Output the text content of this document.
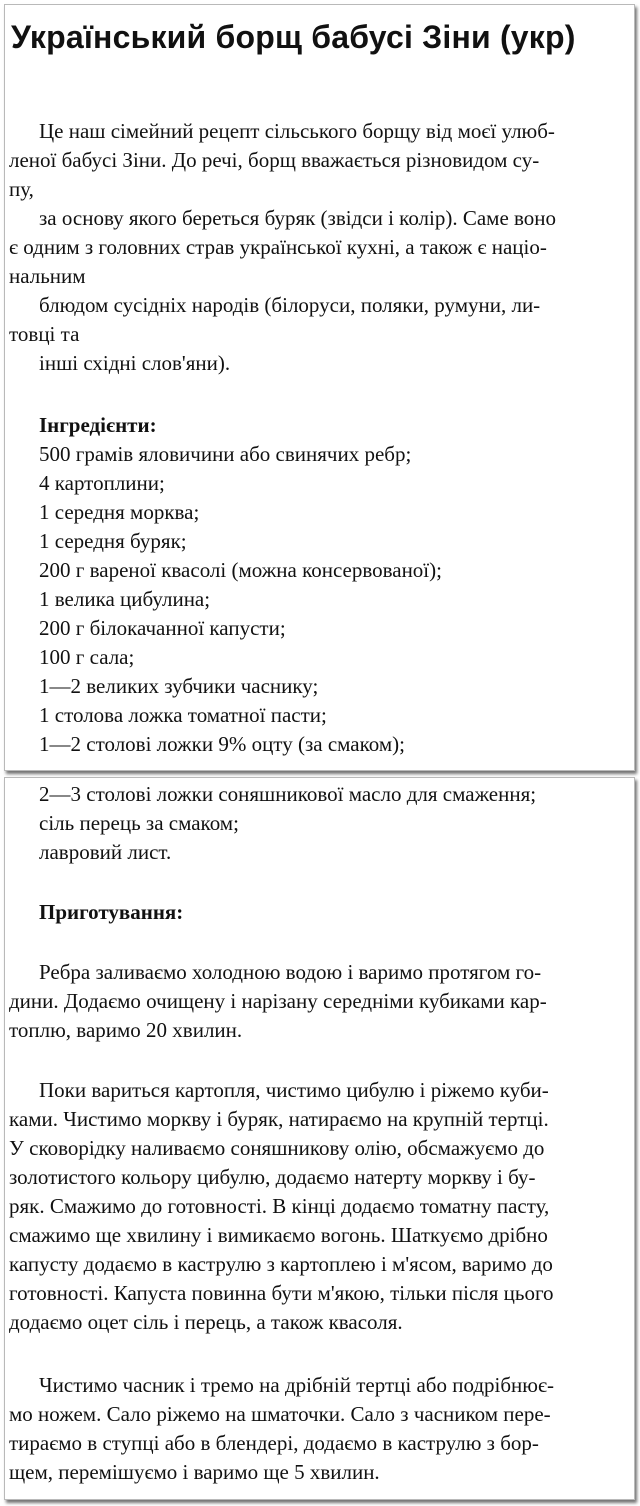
Український борщ бабусі Зіни (укр)
Це наш сімейний рецепт сільського борщу від моєї улюб-
леної бабусі Зіни. До речі, борщ вважається різновидом су-
пу,
за основу якого береться буряк (звідси і колір). Саме воно
є одним з головних страв української кухні, а також є націо-
нальним
блюдом сусідніх народів (білоруси, поляки, румуни, ли-
товці та
інші східні слов'яни).
Інгредієнти:
500 грамів яловичини або свинячих ребр;
4 картоплини;
1 середня морква;
1 середня буряк;
200 г вареної квасолі (можна консервованої);
1 велика цибулина;
200 г білокачанної капусти;
100 г сала;
1—2 великих зубчики часнику;
1 столова ложка томатної пасти;
1—2 столові ложки 9% оцту (за смаком);
2—3 столові ложки соняшникової масло для смаження;
сіль перець за смаком;
лавровий лист.
Приготування:
Ребра заливаємо холодною водою і варимо протягом го-
дини. Додаємо очищену і нарізану середніми кубиками кар-
топлю, варимо 20 хвилин.
Поки вариться картопля, чистимо цибулю і ріжемо куби-
ками. Чистимо моркву і буряк, натираємо на крупній тертці.
У сковорідку наливаємо соняшникову олію, обсмажуємо до
золотистого кольору цибулю, додаємо натерту моркву і бу-
ряк. Смажимо до готовності. В кінці додаємо томатну пасту,
смажимо ще хвилину і вимикаємо вогонь. Шаткуємо дрібно
капусту додаємо в каструлю з картоплею і м'ясом, варимо до
готовності. Капуста повинна бути м'якою, тільки після цього
додаємо оцет сіль і перець, а також квасоля.
Чистимо часник і тремо на дрібній тертці або подрібнює-
мо ножем. Сало ріжемо на шматочки. Сало з часником пере-
тираємо в ступці або в блендері, додаємо в каструлю з бор-
щем, перемішуємо і варимо ще 5 хвилин.
